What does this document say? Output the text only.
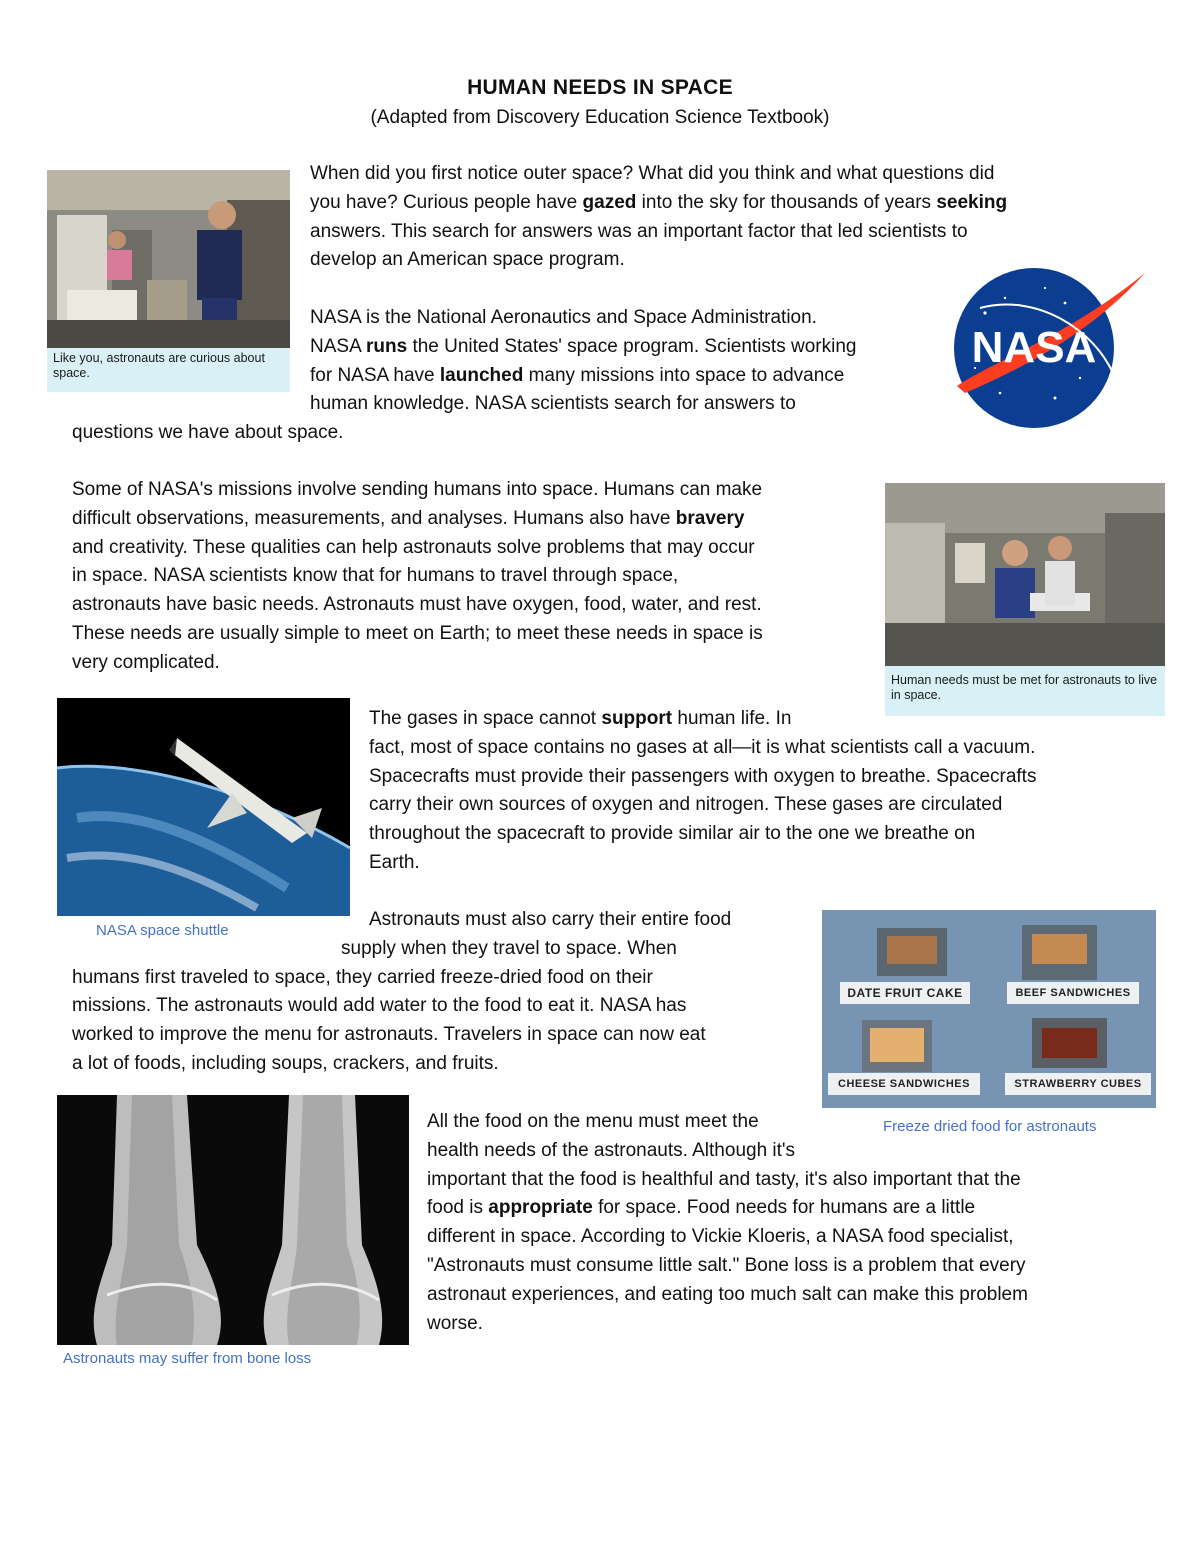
HUMAN NEEDS IN SPACE
(Adapted from Discovery Education Science Textbook)
When did you first notice outer space? What did you think and what questions did
you have? Curious people have gazed into the sky for thousands of years seeking
answers. This search for answers was an important factor that led scientists to
develop an American space program.
NASA is the National Aeronautics and Space Administration.
NASA runs the United States' space program. Scientists working
for NASA have launched many missions into space to advance
human knowledge. NASA scientists search for answers to
questions we have about space.
Some of NASA's missions involve sending humans into space. Humans can make
difficult observations, measurements, and analyses. Humans also have bravery
and creativity. These qualities can help astronauts solve problems that may occur
in space. NASA scientists know that for humans to travel through space,
astronauts have basic needs. Astronauts must have oxygen, food, water, and rest.
These needs are usually simple to meet on Earth; to meet these needs in space is
very complicated.
The gases in space cannot support human life. In
fact, most of space contains no gases at all—it is what scientists call a vacuum.
Spacecrafts must provide their passengers with oxygen to breathe. Spacecrafts
carry their own sources of oxygen and nitrogen. These gases are circulated
throughout the spacecraft to provide similar air to the one we breathe on
Earth.
Astronauts must also carry their entire food
supply when they travel to space. When
humans first traveled to space, they carried freeze-dried food on their
missions. The astronauts would add water to the food to eat it. NASA has
worked to improve the menu for astronauts. Travelers in space can now eat
a lot of foods, including soups, crackers, and fruits.
All the food on the menu must meet the
health needs of the astronauts. Although it's
important that the food is healthful and tasty, it's also important that the
food is appropriate for space. Food needs for humans are a little
different in space. According to Vickie Kloeris, a NASA food specialist,
"Astronauts must consume little salt." Bone loss is a problem that every
astronaut experiences, and eating too much salt can make this problem
worse.
Like you, astronauts are curious about space.
NASA
Human needs must be met for astronauts to live in space.
NASA space shuttle
DATE FRUIT CAKE	BEEF SANDWICHES
CHEESE SANDWICHES	STRAWBERRY CUBES
Freeze dried food for astronauts
Astronauts may suffer from bone loss
